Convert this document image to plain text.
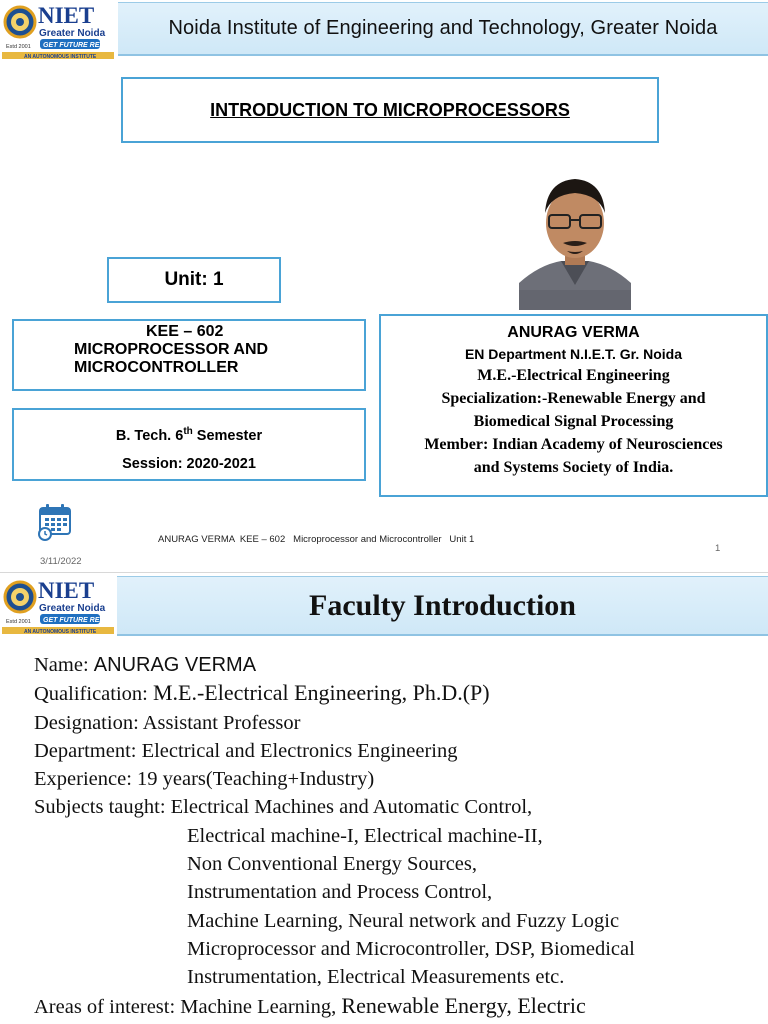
NIET
Greater Noida
GET FUTURE READY
Estd 2001
AN AUTONOMOUS INSTITUTE
Noida Institute of Engineering and Technology, Greater Noida
INTRODUCTION TO MICROPROCESSORS
Unit: 1
KEE – 602
MICROPROCESSOR AND
MICROCONTROLLER
B. Tech. 6th Semester
Session: 2020-2021
ANURAG VERMA
EN Department N.I.E.T. Gr. Noida
M.E.-Electrical Engineering
Specialization:-Renewable Energy and
Biomedical Signal Processing
Member: Indian Academy of Neurosciences
and Systems Society of India.
ANURAG VERMA  KEE – 602   Microprocessor and Microcontroller   Unit 1
3/11/2022
1
NIET
Greater Noida
GET FUTURE READY
Estd 2001
AN AUTONOMOUS INSTITUTE
Faculty Introduction
Name: ANURAG VERMA
Qualification: M.E.-Electrical Engineering, Ph.D.(P)
Designation: Assistant Professor
Department: Electrical and Electronics Engineering
Experience: 19 years(Teaching+Industry)
Subjects taught: Electrical Machines and Automatic Control,
Electrical machine-I, Electrical machine-II,
Non Conventional Energy Sources,
Instrumentation and Process Control,
Machine Learning, Neural network and Fuzzy Logic
Microprocessor and Microcontroller, DSP, Biomedical
Instrumentation, Electrical Measurements etc.
Areas of interest: Machine Learning, Renewable Energy, Electric
